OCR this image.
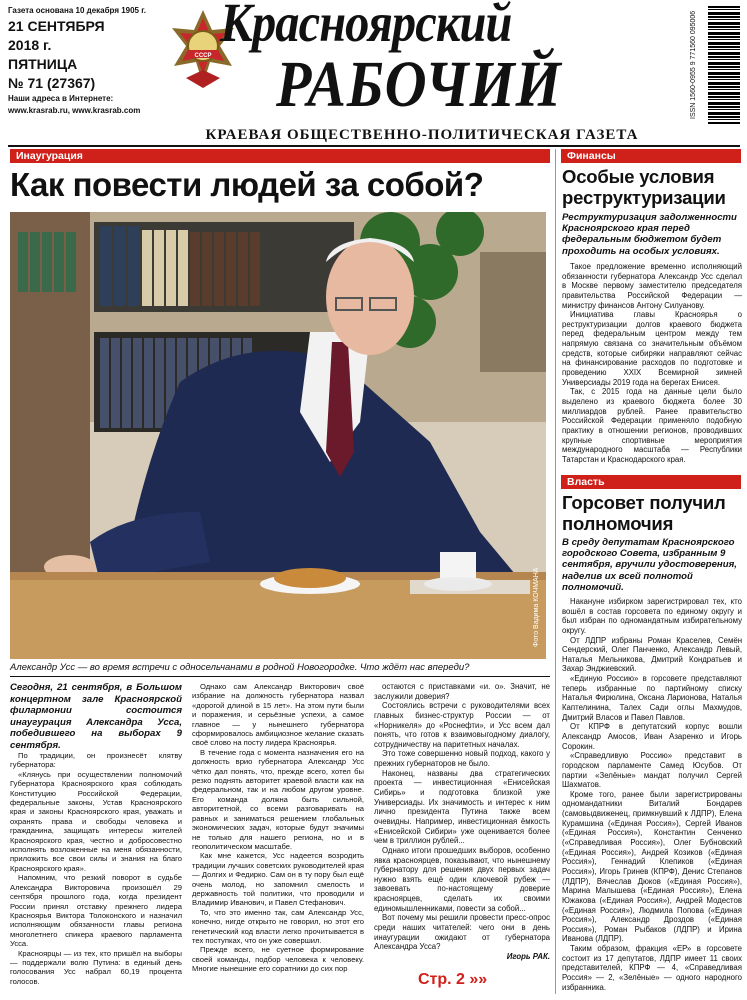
Газета основана 10 декабря 1905 г.
21 СЕНТЯБРЯ
2018 г.
ПЯТНИЦА
№ 71 (27367)
Наши адреса в Интернете:
www.krasrab.ru, www.krasrab.com
СССР
Красноярский
РАБОЧИЙ	ISSN 1560-0955 9 771560 095006
КРАЕВАЯ ОБЩЕСТВЕННО-ПОЛИТИЧЕСКАЯ ГАЗЕТА
Инаугурация
Как повести людей за собой?
Фото Вадима КОЧМАНА
Александр Усс — во время встречи с односельчанами в родной Новогородке. Что ждёт нас впереди?

Сегодня, 21 сентября, в Большом концертном зале Красноярской филармонии состоится инаугурация Александра Усса, победившего на выборах 9 сентября.

По традиции, он произнесёт клятву губернатора:

«Клянусь при осуществлении полномочий Губернатора Красноярского края соблюдать Конституцию Российской Федерации, федеральные законы, Устав Красноярского края и законы Красноярского края, уважать и охранять права и свободы человека и гражданина, защищать интересы жителей Красноярского края, честно и добросовестно исполнять возложенные на меня обязанности, приложить все свои силы и знания на благо Красноярского края».

Напомним, что резкий поворот в судьбе Александра Викторовича произошёл 29 сентября прошлого года, когда президент России принял отставку прежнего лидера Красноярья Виктора Толоконского и назначил исполняющим обязанности главы региона многолетнего спикера краевого парламента Усса.

Красноярцы — из тех, кто пришёл на выборы — поддержали волю Путина: в единый день голосования Усс набрал 60,19 процента голосов.

Однако сам Александр Викторович своё избрание на должность губернатора назвал «дорогой длиной в 15 лет». На этом пути были и поражения, и серьёзные успехи, а самое главное — у нынешнего губернатора сформировалось амбициозное желание сказать своё слово на посту лидера Красноярья.

В течение года с момента назначения его на должность врио губернатора Александр Усс чётко дал понять, что, прежде всего, хотел бы резко поднять авторитет краевой власти как на федеральном, так и на любом другом уровне. Его команда должна быть сильной, авторитетной, со всеми разговаривать на равных и заниматься решением глобальных экономических задач, которые будут значимы не только для нашего региона, но и в геополитическом масштабе.

Как мне кажется, Усс надеется возродить традиции лучших советских руководителей края — Долгих и Федирко. Сам он в ту пору был ещё очень молод, но запомнил смелость и державность той политики, что проводили и Владимир Иванович, и Павел Стефанович.

То, что это именно так, сам Александр Усс, конечно, нигде открыто не говорил, но этот его генетический код власти легко прочитывается в тех поступках, что он уже совершил.

Прежде всего, не суетное формирование своей команды, подбор человека к человеку. Многие нынешние его соратники до сих пор

остаются с приставками «и. о». Значит, не заслужили доверия?

Состоялись встречи с руководителями всех главных бизнес-структур России — от «Норникеля» до «Роснефти», и Усс всем дал понять, что готов к взаимовыгодному диалогу, сотрудничеству на паритетных началах.

Это тоже совершенно новый подход, какого у прежних губернаторов не было.

Наконец, названы два стратегических проекта — инвестиционная «Енисейская Сибирь» и подготовка близкой уже Универсиады. Их значимость и интерес к ним лично президента Путина также всем очевидны. Например, инвестиционная ёмкость «Енисейской Сибири» уже оценивается более чем в триллион рублей...

Однако итоги прошедших выборов, особенно явка красноярцев, показывают, что нынешнему губернатору для решения двух первых задач нужно взять ещё один ключевой рубеж — завоевать по-настоящему доверие красноярцев, сделать их своими единомышленниками, повести за собой...

Вот почему мы решили провести пресс-опрос среди наших читателей: чего они в день инаугурации ожидают от губернатора Александра Усса?

Игорь РАК.

Стр. 2 »»
Финансы
Особые условия реструктуризации
Реструктуризация задолженности Красноярского края перед федеральным бюджетом будет проходить на особых условиях.

Такое предложение временно исполняющий обязанности губернатора Александр Усс сделал в Москве первому заместителю председателя правительства Российской Федерации — министру финансов Антону Силуанову.

Инициатива главы Красноярья о реструктуризации долгов краевого бюджета перед федеральным центром между тем напрямую связана со значительным объёмом средств, которые сибиряки направляют сейчас на финансирование расходов по подготовке и проведению XXIX Всемирной зимней Универсиады 2019 года на берегах Енисея.

Так, с 2015 года на данные цели было выделено из краевого бюджета более 30 миллиардов рублей. Ранее правительство Российской Федерации применяло подобную практику в отношении регионов, проводивших крупные спортивные мероприятия международного масштаба — Республики Татарстан и Краснодарского края.

Власть
Горсовет получил полномочия
В среду депутатам Красноярского городского Совета, избранным 9 сентября, вручили удостоверения, наделив их всей полнотой полномочий.

Накануне избирком зарегистрировал тех, кто вошёл в состав горсовета по единому округу и был избран по одномандатным избирательному округу.

От ЛДПР избраны Роман Краселев, Семён Сендерский, Олег Панченко, Александр Левый, Наталья Мельникова, Дмитрий Кондратьев и Захар Энджиевский.

«Единую Россию» в горсовете представляют теперь избранные по партийному списку Наталья Фирюлина, Оксана Ларионова, Наталья Каптелинина, Талех Сади оглы Махмудов, Дмитрий Власов и Павел Павлов.

От КПРФ в депутатский корпус вошли Александр Амосов, Иван Азаренко и Игорь Сорокин.

«Справедливую Россию» представит в городском парламенте Самед Юсубов. От партии «Зелёные» мандат получил Сергей Шахматов.

Кроме того, ранее были зарегистрированы одномандатники Виталий Бондарев (самовыдвиженец, примкнувший к ЛДПР), Елена Курамшина («Единая Россия»), Сергей Иванов («Единая Россия»), Константин Сенченко («Справедливая Россия»), Олег Бубновский («Единая Россия»), Андрей Козиков («Единая Россия»), Геннадий Клепиков («Единая Россия»), Игорь Гринев (КПРФ), Денис Степанов (ЛДПР), Вячеслав Дюков («Единая Россия»), Марина Малышева («Единая Россия»), Елена Южакова («Единая Россия»), Андрей Модестов («Единая Россия»), Людмила Попова («Единая Россия»), Александр Дроздов («Единая Россия»), Роман Рыбаков (ЛДПР) и Ирина Иванова (ЛДПР).

Таким образом, фракция «ЕР» в горсовете состоит из 17 депутатов, ЛДПР имеет 11 своих представителей, КПРФ — 4, «Справедливая Россия» — 2, «Зелёные» — одного народного избранника.
